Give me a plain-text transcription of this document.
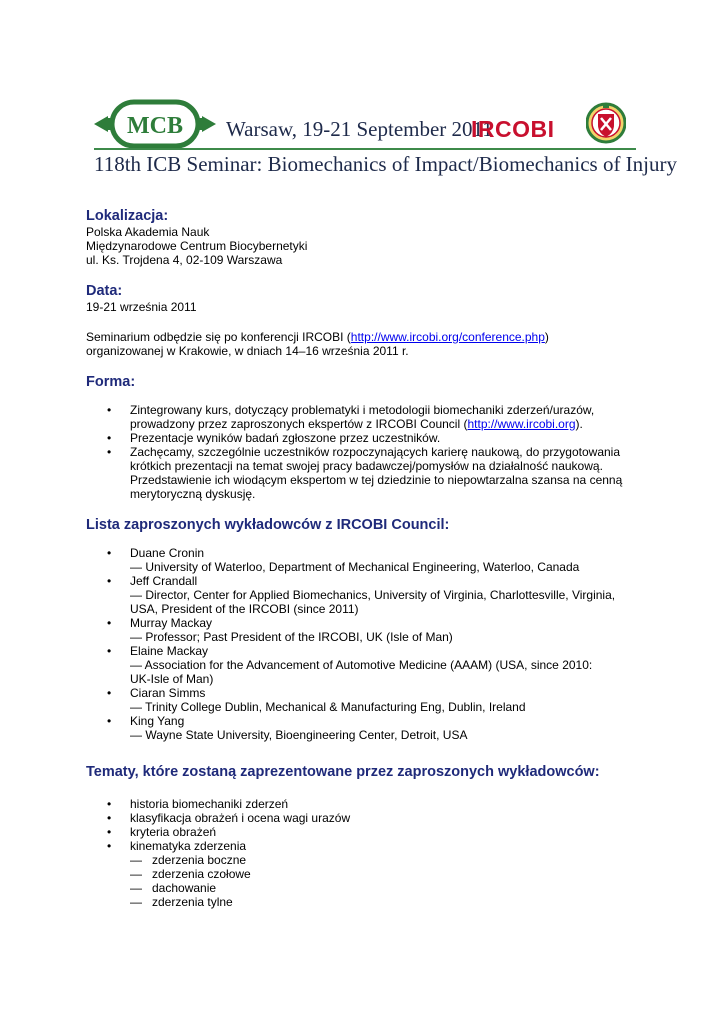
MCB Warsaw, 19-21 September 2011
IRCOBI
118th ICB Seminar: Biomechanics of Impact/Biomechanics of Injury
Lokalizacja:

Polska Akademia Nauk

Międzynarodowe Centrum Biocybernetyki

ul. Ks. Trojdena 4, 02-109 Warszawa

Data:

19-21 września 2011

Seminarium odbędzie się po konferencji IRCOBI (http://www.ircobi.org/conference.php)

organizowanej w Krakowie, w dniach 14–16 września 2011 r.

Forma:
• Zintegrowany kurs, dotyczący problematyki i metodologii biomechaniki zderzeń/urazów,
prowadzony przez zaproszonych ekspertów z IRCOBI Council (http://www.ircobi.org).
• Prezentacje wyników badań zgłoszone przez uczestników.
• Zachęcamy, szczególnie uczestników rozpoczynających karierę naukową, do przygotowania
krótkich prezentacji na temat swojej pracy badawczej/pomysłów na działalność naukową.
Przedstawienie ich wiodącym ekspertom w tej dziedzinie to niepowtarzalna szansa na cenną
merytoryczną dyskusję.
Lista zaproszonych wykładowców z IRCOBI Council:
• Duane Cronin
— University of Waterloo, Department of Mechanical Engineering, Waterloo, Canada
• Jeff Crandall
— Director, Center for Applied Biomechanics, University of Virginia, Charlottesville, Virginia,
USA, President of the IRCOBI (since 2011)
• Murray Mackay
— Professor; Past President of the IRCOBI, UK (Isle of Man)
• Elaine Mackay
— Association for the Advancement of Automotive Medicine (AAAM) (USA, since 2010:
UK-Isle of Man)
• Ciaran Simms
— Trinity College Dublin, Mechanical & Manufacturing Eng, Dublin, Ireland
• King Yang
— Wayne State University, Bioengineering Center, Detroit, USA
Tematy, które zostaną zaprezentowane przez zaproszonych wykładowców:
• historia biomechaniki zderzeń
• klasyfikacja obrażeń i ocena wagi urazów
• kryteria obrażeń
• kinematyka zderzenia
— zderzenia boczne
— zderzenia czołowe
— dachowanie
— zderzenia tylne
